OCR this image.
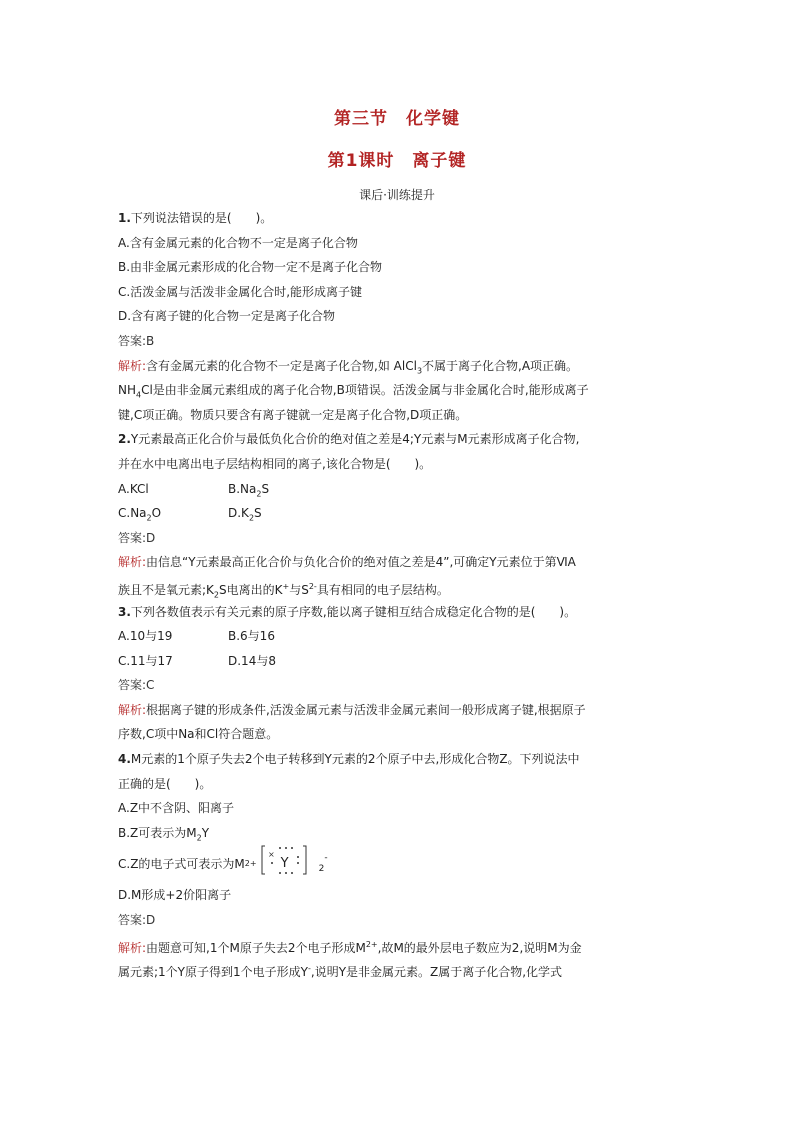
第三节　化学键
第1课时　离子键
课后·训练提升
1.下列说法错误的是(　　)。
A.含有金属元素的化合物不一定是离子化合物
B.由非金属元素形成的化合物一定不是离子化合物
C.活泼金属与活泼非金属化合时,能形成离子键
D.含有离子键的化合物一定是离子化合物
答案:B
解析:含有金属元素的化合物不一定是离子化合物,如 AlCl$_3$不属于离子化合物,A项正确。
$NH_4Cl$是由非金属元素组成的离子化合物,B项错误。活泼金属与非金属化合时,能形成离子
键,C项正确。物质只要含有离子键就一定是离子化合物,D项正确。
2.Y元素最高正化合价与最低负化合价的绝对值之差是4;Y元素与M元素形成离子化合物,
并在水中电离出电子层结构相同的离子,该化合物是(　　)。
A.KCl	$B.Na_2S$
$C.Na_2O$	$D.K_2S$
答案:D
解析:由信息“Y元素最高正化合价与负化合价的绝对值之差是4”,可确定Y元素位于第ⅥA
族且不是氧元素$;K_2S$电离出的K+与$S^{2-}$具有相同的电子层结构。
3.下列各数值表示有关元素的原子序数,能以离子键相互结合成稳定化合物的是(　　)。
A.10与19	B.6与16
C.11与17	D.14与8
答案:C
解析:根据离子键的形成条件,活泼金属元素与活泼非金属元素间一般形成离子键,根据原子
序数,C项中Na和Cl符合题意。
4.M元素的1个原子失去2个电子转移到Y元素的2个原子中去,形成化合物Z。下列说法中
正确的是(　　)。
A.Z中不含阴、阳离子
B.Z可表示为$M_2Y$
C.Z的电子式可表示为M 2+
×
Y	2
-
D.M形成+2价阳离子
答案:D
解析:由题意可知,1个M原子失去2个电子形成$M^{2+}$,故M的最外层电子数应为2,说明M为金
属元素;1个Y原子得到1个电子形成Y-,说明Y是非金属元素。Z属于离子化合物,化学式
